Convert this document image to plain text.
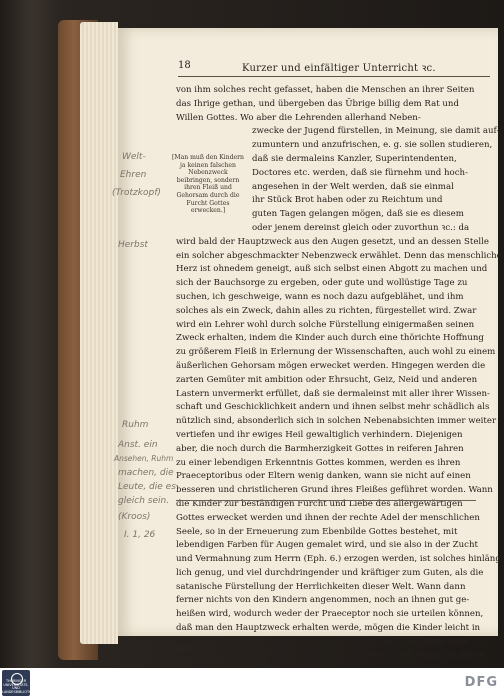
18	Kurzer und einfältiger Unterricht ꝛc.
[Man muß den Kindern ja keinen falschen Nebenzweck beibringen, sondern ihren Fleiß und Gehorsam durch die Furcht Gottes erwecken.]
von ihm solches recht gefasset, haben die Menschen an ihrer Seiten
das Ihrige gethan, und übergeben das Übrige billig dem Rat und
Willen Gottes. Wo aber die Lehrenden allerhand Neben-
zwecke der Jugend fürstellen, in Meinung, sie damit auf-
zumuntern und anzufrischen, e. g. sie sollen studieren,
daß sie dermaleins Kanzler, Superintendenten,
Doctores etc. werden, daß sie fürnehm und hoch-
angesehen in der Welt werden, daß sie einmal
ihr Stück Brot haben oder zu Reichtum und
guten Tagen gelangen mögen, daß sie es diesem
oder jenem dereinst gleich oder zuvorthun ꝛc.: da
wird bald der Hauptzweck aus den Augen gesetzt, und an dessen Stelle
ein solcher abgeschmackter Nebenzweck erwählet. Denn das menschliche
Herz ist ohnedem geneigt, auß sich selbst einen Abgott zu machen und
sich der Bauchsorge zu ergeben, oder gute und wollüstige Tage zu
suchen, ich geschweige, wann es noch dazu aufgeblähet, und ihm
solches als ein Zweck, dahin alles zu richten, fürgestellet wird. Zwar
wird ein Lehrer wohl durch solche Fürstellung einigermaßen seinen
Zweck erhalten, indem die Kinder auch durch eine thörichte Hoffnung
zu größerem Fleiß in Erlernung der Wissenschaften, auch wohl zu einem
äußerlichen Gehorsam mögen erwecket werden. Hingegen werden die
zarten Gemüter mit ambition oder Ehrsucht, Geiz, Neid und anderen
Lastern unvermerkt erfüllet, daß sie dermaleinst mit aller ihrer Wissen-
schaft und Geschicklichkeit andern und ihnen selbst mehr schädlich als
nützlich sind, absonderlich sich in solchen Nebenabsichten immer weiter
vertiefen und ihr ewiges Heil gewaltiglich verhindern. Diejenigen
aber, die noch durch die Barmherzigkeit Gottes in reiferen Jahren
zu einer lebendigen Erkenntnis Gottes kommen, werden es ihren
Praeceptoribus oder Eltern wenig danken, wann sie nicht auf einen
besseren und christlicheren Grund ihres Fleißes geführet worden. Wann
die Kinder zur beständigen Furcht und Liebe des allergewärtigen
Gottes erwecket werden und ihnen der rechte Adel der menschlichen
Seele, so in der Erneuerung zum Ebenbilde Gottes bestehet, mit
lebendigen Farben für Augen gemalet wird, und sie also in der Zucht
und Vermahnung zum Herrn (Eph. 6.) erzogen werden, ist solches hinläng-
lich genug, und viel durchdringender und kräftiger zum Guten, als die
satanische Fürstellung der Herrlichkeiten dieser Welt. Wann dann
ferner nichts von den Kindern angenommen, noch an ihnen gut ge-
heißen wird, wodurch weder der Praeceptor noch sie urteilen können,
daß man den Hauptzweck erhalten werde, mögen die Kinder leicht in
solcher einfältigen und schlichten Absicht auf die Ehre Gottes zum
wenigsten in großer Überzeugung, daß es unrecht sei, wann sie davon
Welt-
Ehren
(Trotzkopf)
Herbst
Ruhm
Anst. ein
Ansehen, Ruhm
machen, die
Leute, die es
gleich sein.
(Kroos)
I. 1, 26
THÜRINGER UNIVERSITÄTS- UND LANDESBIBLIOTHEK
DFG
